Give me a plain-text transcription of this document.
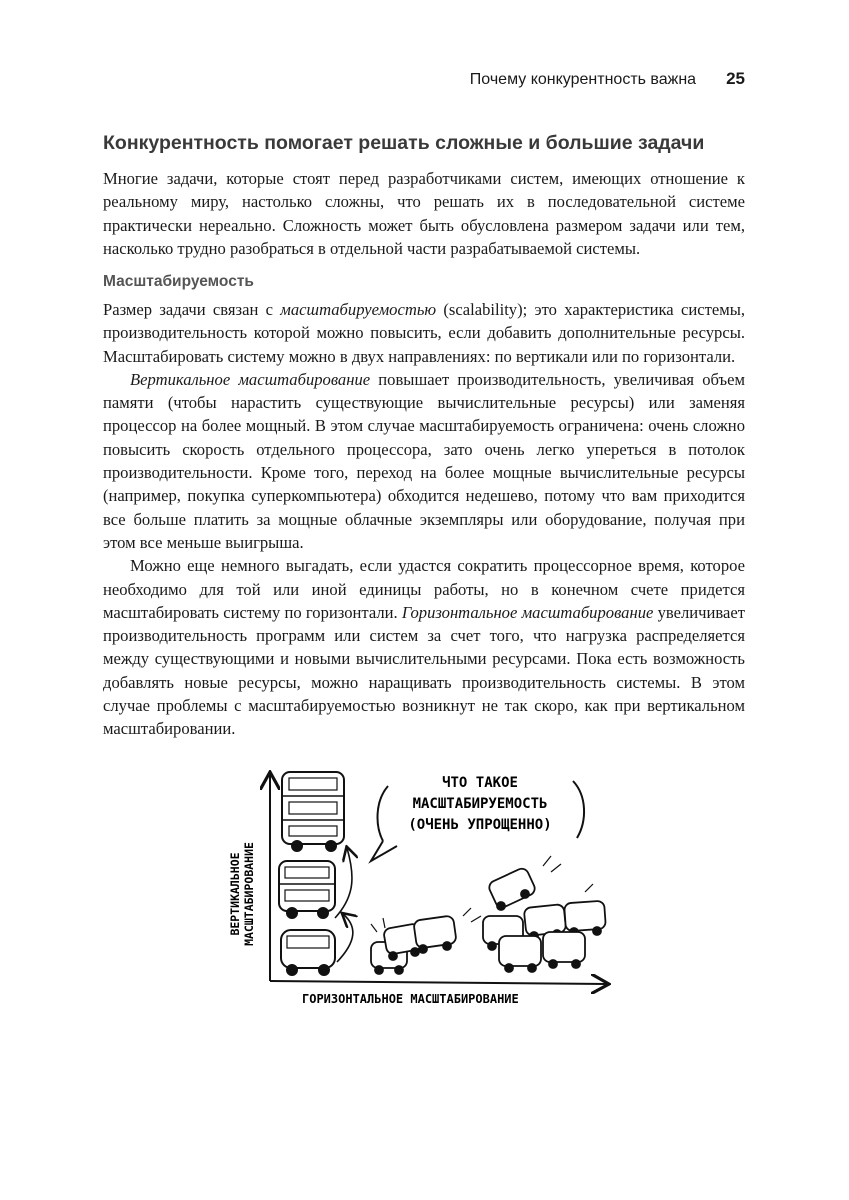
Почему конкурентность важна 25
Конкурентность помогает решать сложные и большие задачи

Многие задачи, которые стоят перед разработчиками систем, имеющих отношение к реальному миру, настолько сложны, что решать их в последовательной системе практически нереально. Сложность может быть обусловлена размером задачи или тем, насколько трудно разобраться в отдельной части разрабатываемой системы.

Масштабируемость

Размер задачи связан с масштабируемостью (scalability); это характеристика системы, производительность которой можно повысить, если добавить дополнительные ресурсы. Масштабировать систему можно в двух направлениях: по вертикали или по горизонтали.

Вертикальное масштабирование повышает производительность, увеличивая объем памяти (чтобы нарастить существующие вычислительные ресурсы) или заменяя процессор на более мощный. В этом случае масштабируемость ограничена: очень сложно повысить скорость отдельного процессора, зато очень легко упереться в потолок производительности. Кроме того, переход на более мощные вычислительные ресурсы (например, покупка суперкомпьютера) обходится недешево, потому что вам приходится все больше платить за мощные облачные экземпляры или оборудование, получая при этом все меньше выигрыша.

Можно еще немного выгадать, если удастся сократить процессорное время, которое необходимо для той или иной единицы работы, но в конечном счете придется масштабировать систему по горизонтали. Горизонтальное масштабирование увеличивает производительность программ или систем за счет того, что нагрузка распределяется между существующими и новыми вычислительными ресурсами. Пока есть возможность добавлять новые ресурсы, можно наращивать производительность системы. В этом случае проблемы с масштабируемостью возникнут не так скоро, как при вертикальном масштабировании.

ВЕРТИКАЛЬНОЕ МАСШТАБИРОВАНИЕ
ГОРИЗОНТАЛЬНОЕ МАСШТАБИРОВАНИЕ
ЧТО ТАКОЕ
МАСШТАБИРУЕМОСТЬ
(ОЧЕНЬ УПРОЩЕННО)
